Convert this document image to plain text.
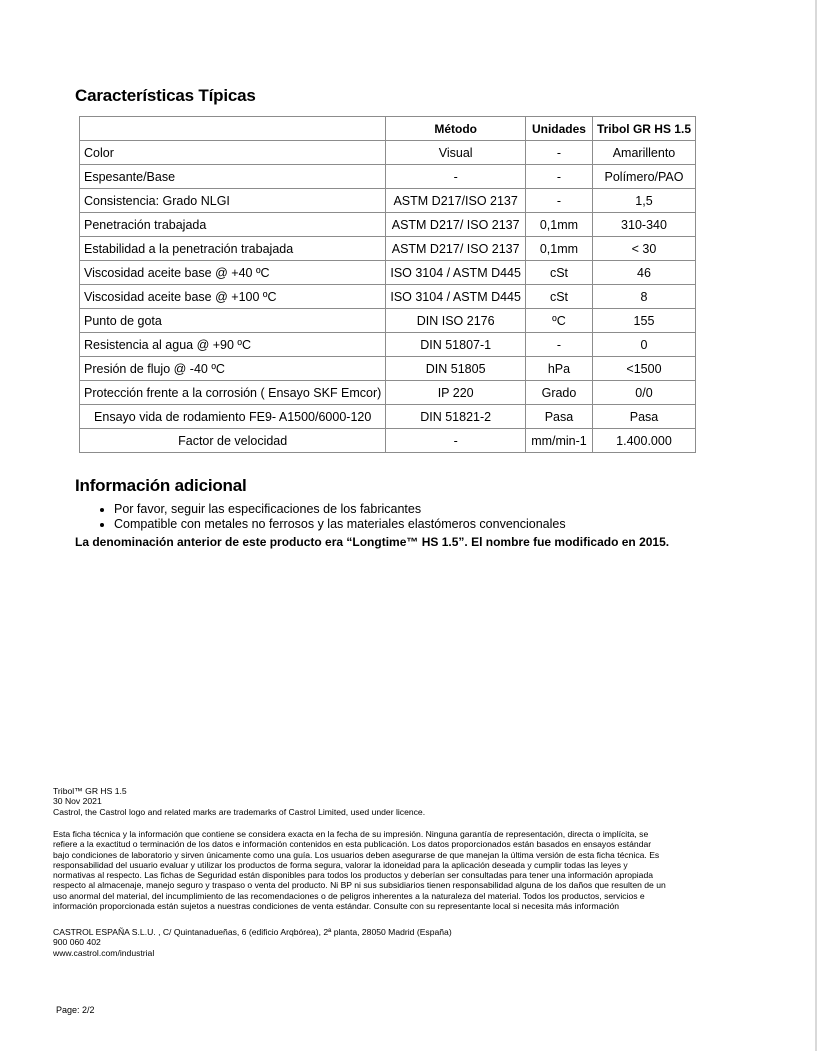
Características Típicas
	Método	Unidades	Tribol GR HS 1.5
Color	Visual	-	Amarillento
Espesante/Base	-	-	Polímero/PAO
Consistencia: Grado NLGI	ASTM D217/ISO 2137	-	1,5
Penetración trabajada	ASTM D217/ ISO 2137	0,1mm	310-340
Estabilidad a la penetración trabajada	ASTM D217/ ISO 2137	0,1mm	< 30
Viscosidad aceite base @ +40 ºC	ISO 3104 / ASTM D445	cSt	46
Viscosidad aceite base @ +100 ºC	ISO 3104 / ASTM D445	cSt	8
Punto de gota	DIN ISO 2176	ºC	155
Resistencia al agua @ +90 ºC	DIN 51807-1	-	0
Presión de flujo @ -40 ºC	DIN 51805	hPa	<1500
Protección frente a la corrosión ( Ensayo SKF Emcor)	IP 220	Grado	0/0
Ensayo vida de rodamiento FE9- A1500/6000-120	DIN 51821-2	Pasa	Pasa
Factor de velocidad	-	mm/min-1	1.400.000
Información adicional
• Por favor, seguir las especificaciones de los fabricantes
• Compatible con metales no ferrosos y las materiales elastómeros convencionales

La denominación anterior de este producto era “Longtime™ HS 1.5”. El nombre fue modificado en 2015.

Tribol™ GR HS 1.5
30 Nov 2021
Castrol, the Castrol logo and related marks are trademarks of Castrol Limited, used under licence.
Esta ficha técnica y la información que contiene se considera exacta en la fecha de su impresión. Ninguna garantía de representación, directa o implícita, se
refiere a la exactitud o terminación de los datos e información contenidos en esta publicación. Los datos proporcionados están basados en ensayos estándar
bajo condiciones de laboratorio y sirven únicamente como una guía. Los usuarios deben asegurarse de que manejan la última versión de esta ficha técnica. Es
responsabilidad del usuario evaluar y utilizar los productos de forma segura, valorar la idoneidad para la aplicación deseada y cumplir todas las leyes y
normativas al respecto. Las fichas de Seguridad están disponibles para todos los productos y deberían ser consultadas para tener una información apropiada
respecto al almacenaje, manejo seguro y traspaso o venta del producto. Ni BP ni sus subsidiarios tienen responsabilidad alguna de los daños que resulten de un
uso anormal del material, del incumplimiento de las recomendaciones o de peligros inherentes a la naturaleza del material. Todos los productos, servicios e
información proporcionada están sujetos a nuestras condiciones de venta estándar. Consulte con su representante local si necesita más información
CASTROL ESPAÑA S.L.U. , C/ Quintanadueñas, 6 (edificio Arqbórea), 2ª planta, 28050 Madrid (España)
900 060 402
www.castrol.com/industrial
Page: 2/2
